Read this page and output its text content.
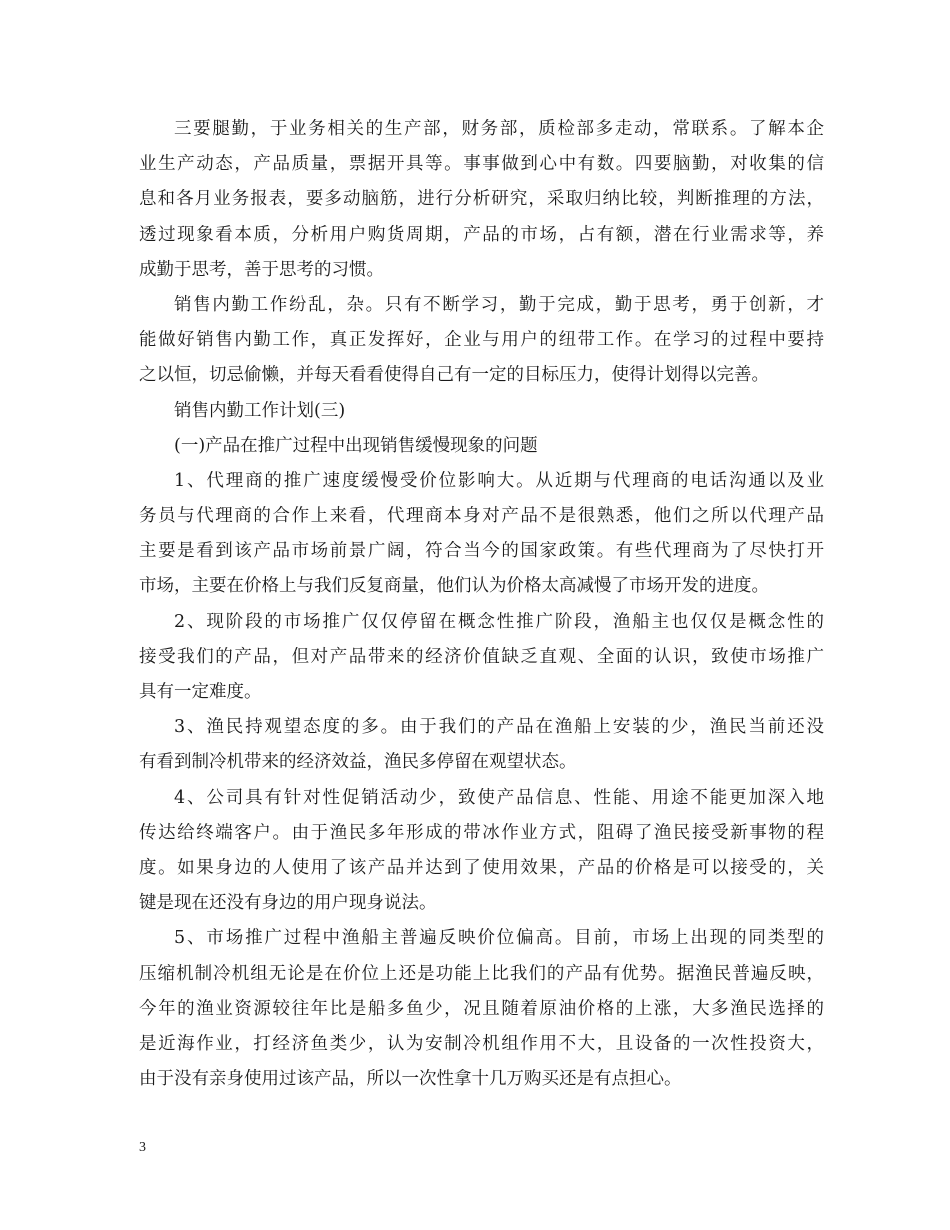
三要腿勤，于业务相关的生产部，财务部，质检部多走动，常联系。了解本企
业生产动态，产品质量，票据开具等。事事做到心中有数。四要脑勤，对收集的信
息和各月业务报表，要多动脑筋，进行分析研究，采取归纳比较，判断推理的方法，
透过现象看本质，分析用户购货周期，产品的市场，占有额，潜在行业需求等，养
成勤于思考，善于思考的习惯。
销售内勤工作纷乱，杂。只有不断学习，勤于完成，勤于思考，勇于创新，才
能做好销售内勤工作，真正发挥好，企业与用户的纽带工作。在学习的过程中要持
之以恒，切忌偷懒，并每天看看使得自己有一定的目标压力，使得计划得以完善。
销售内勤工作计划(三)
(一)产品在推广过程中出现销售缓慢现象的问题
1、代理商的推广速度缓慢受价位影响大。从近期与代理商的电话沟通以及业
务员与代理商的合作上来看，代理商本身对产品不是很熟悉，他们之所以代理产品
主要是看到该产品市场前景广阔，符合当今的国家政策。有些代理商为了尽快打开
市场，主要在价格上与我们反复商量，他们认为价格太高减慢了市场开发的进度。
2、现阶段的市场推广仅仅停留在概念性推广阶段，渔船主也仅仅是概念性的
接受我们的产品，但对产品带来的经济价值缺乏直观、全面的认识，致使市场推广
具有一定难度。
3、渔民持观望态度的多。由于我们的产品在渔船上安装的少，渔民当前还没
有看到制冷机带来的经济效益，渔民多停留在观望状态。
4、公司具有针对性促销活动少，致使产品信息、性能、用途不能更加深入地
传达给终端客户。由于渔民多年形成的带冰作业方式，阻碍了渔民接受新事物的程
度。如果身边的人使用了该产品并达到了使用效果，产品的价格是可以接受的，关
键是现在还没有身边的用户现身说法。
5、市场推广过程中渔船主普遍反映价位偏高。目前，市场上出现的同类型的
压缩机制冷机组无论是在价位上还是功能上比我们的产品有优势。据渔民普遍反映，
今年的渔业资源较往年比是船多鱼少，况且随着原油价格的上涨，大多渔民选择的
是近海作业，打经济鱼类少，认为安制冷机组作用不大，且设备的一次性投资大，
由于没有亲身使用过该产品，所以一次性拿十几万购买还是有点担心。
3
